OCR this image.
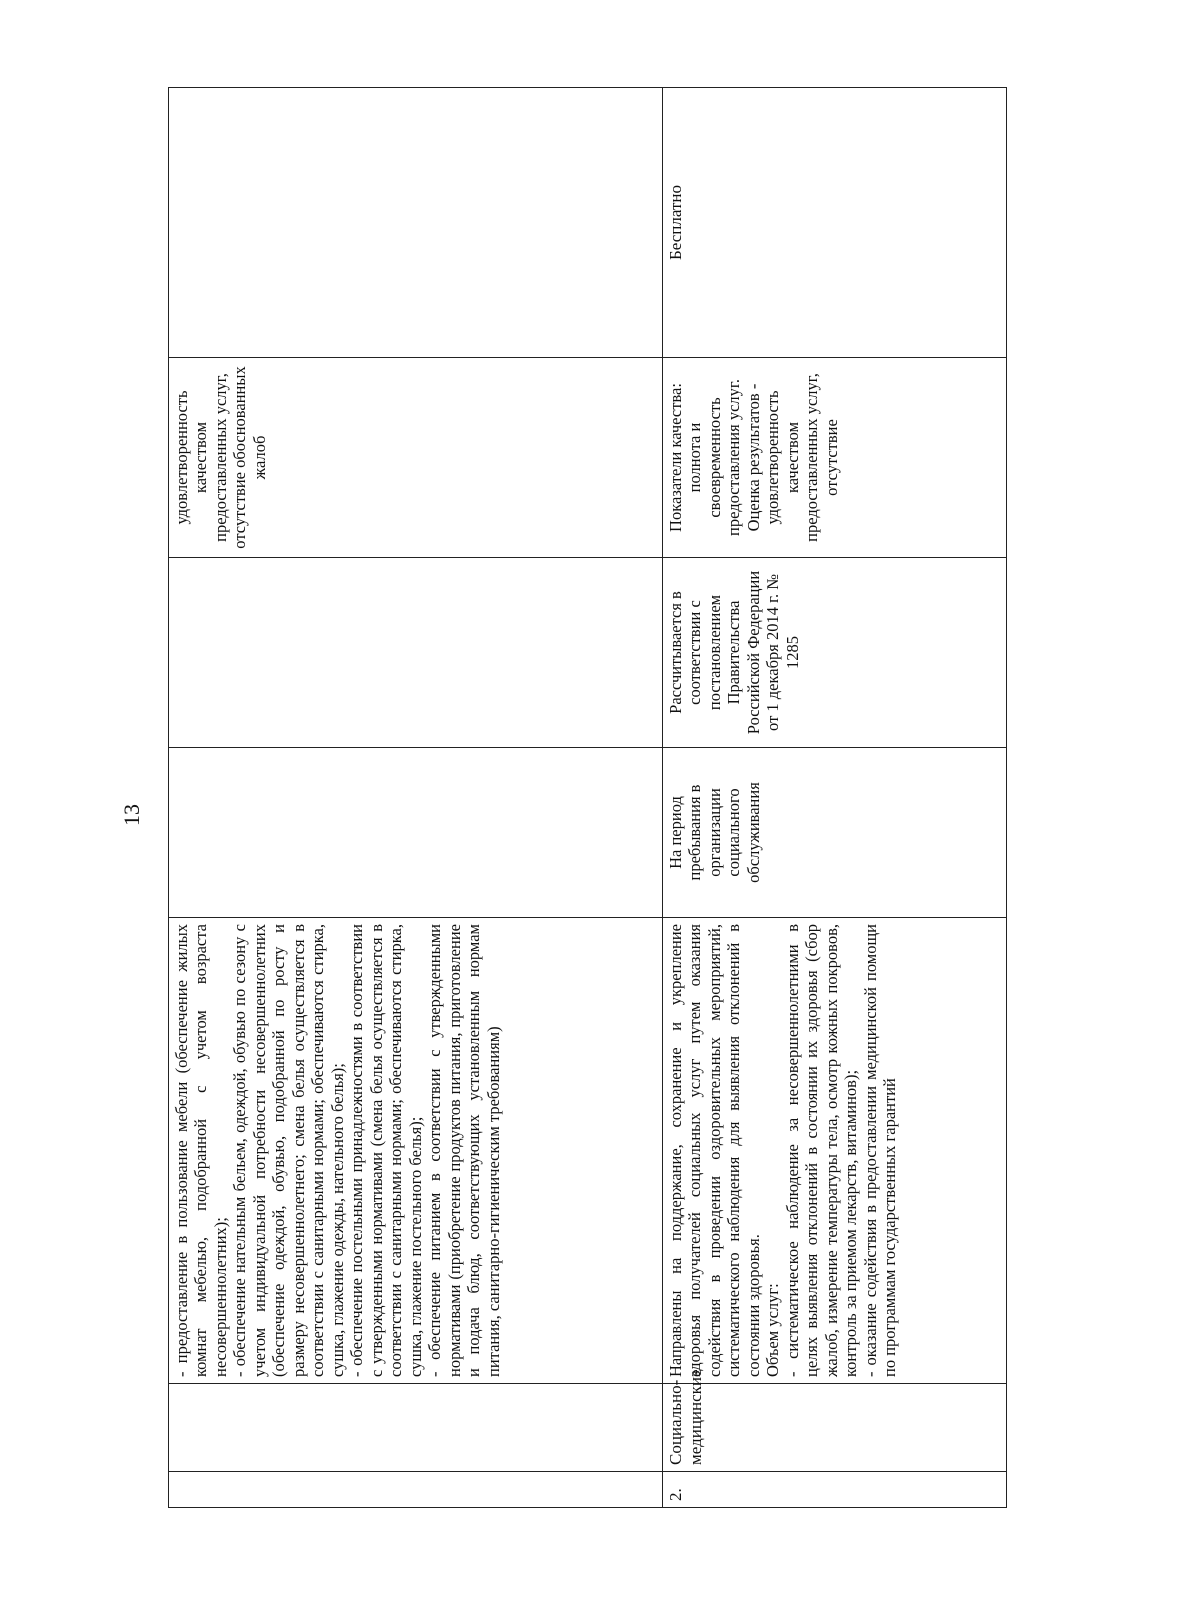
13

		- предоставление в пользование мебели (обеспечение жилых комнат мебелью, подобранной с учетом возраста несовершеннолетних); - обеспечение нательным бельем, одеждой, обувью по сезону с учетом индивидуальной потребности несовершеннолетних (обеспечение одеждой, обувью, подобранной по росту и размеру несовершеннолетнего; смена белья осуществляется в соответствии с санитарными нормами; обеспечиваются стирка, сушка, глажение одежды, нательного белья); - обеспечение постельными принадлежностями в соответствии с утвержденными нормативами (смена белья осуществляется в соответствии с санитарными нормами; обеспечиваются стирка, сушка, глажение постельного белья); - обеспечение питанием в соответствии с утвержденными нормативами (приобретение продуктов питания, приготовление и подача блюд, соответствующих установленным нормам питания, санитарно-гигиеническим требованиям)			удовлетворенность качеством предоставленных услуг, отсутствие обоснованных жалоб	
2.	Социально-медицинские	Направлены на поддержание, сохранение и укрепление здоровья получателей социальных услуг путем оказания содействия в проведении оздоровительных мероприятий, систематического наблюдения для выявления отклонений в состоянии здоровья. Объем услуг: - систематическое наблюдение за несовершеннолетними в целях выявления отклонений в состоянии их здоровья (сбор жалоб, измерение температуры тела, осмотр кожных покровов, контроль за приемом лекарств, витаминов); - оказание содействия в предоставлении медицинской помощи по программам государственных гарантий	На период пребывания в организации социального обслуживания	Рассчитывается в соответствии с постановлением Правительства Российской Федерации от 1 декабря 2014 г. № 1285	Показатели качества: полнота и своевременность предоставления услуг. Оценка результатов - удовлетворенность качеством предоставленных услуг, отсутствие	Бесплатно
